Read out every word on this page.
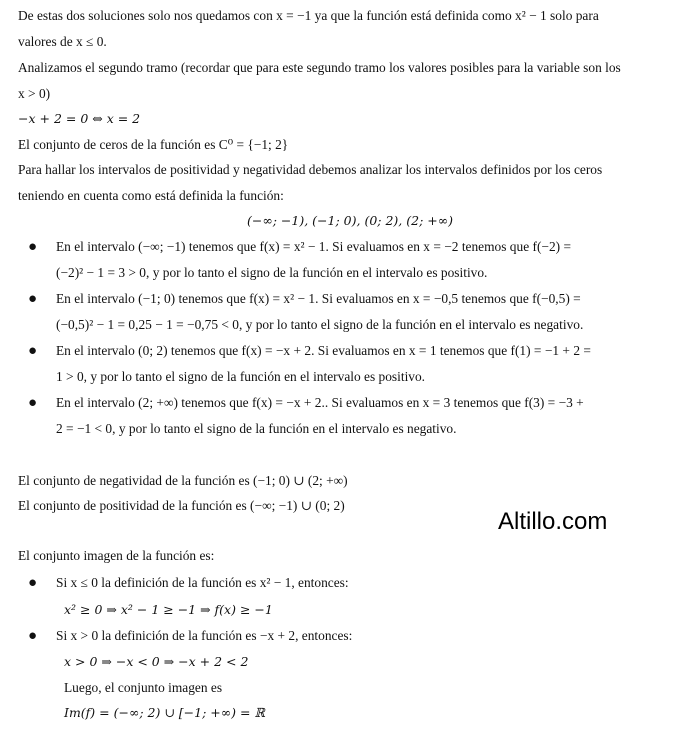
De estas dos soluciones solo nos quedamos con x = −1 ya que la función está definida como x² − 1 solo para
valores de x ≤ 0.
Analizamos el segundo tramo (recordar que para este segundo tramo los valores posibles para la variable son los
x > 0)
−x + 2 = 0 ⇔ x = 2
El conjunto de ceros de la función es C⁰ = {−1; 2}
Para hallar los intervalos de positividad y negatividad debemos analizar los intervalos definidos por los ceros
teniendo en cuenta como está definida la función:
(−∞; −1), (−1; 0), (0; 2), (2; +∞)
● En el intervalo (−∞; −1) tenemos que f(x) = x² − 1. Si evaluamos en x = −2 tenemos que f(−2) =
(−2)² − 1 = 3 > 0, y por lo tanto el signo de la función en el intervalo es positivo.
● En el intervalo (−1; 0) tenemos que f(x) = x² − 1. Si evaluamos en x = −0,5 tenemos que f(−0,5) =
(−0,5)² − 1 = 0,25 − 1 = −0,75 < 0, y por lo tanto el signo de la función en el intervalo es negativo.
● En el intervalo (0; 2) tenemos que f(x) = −x + 2. Si evaluamos en x = 1 tenemos que f(1) = −1 + 2 =
1 > 0, y por lo tanto el signo de la función en el intervalo es positivo.
● En el intervalo (2; +∞) tenemos que f(x) = −x + 2.. Si evaluamos en x = 3 tenemos que f(3) = −3 +
2 = −1 < 0, y por lo tanto el signo de la función en el intervalo es negativo.
El conjunto de negatividad de la función es (−1; 0) ∪ (2; +∞)
El conjunto de positividad de la función es (−∞; −1) ∪ (0; 2)
Altillo.com
El conjunto imagen de la función es:
● Si x ≤ 0 la definición de la función es x² − 1, entonces:
x² ≥ 0 ⇒ x² − 1 ≥ −1 ⇒ f(x) ≥ −1
● Si x > 0 la definición de la función es −x + 2, entonces:
x > 0 ⇒ −x < 0 ⇒ −x + 2 < 2
Luego, el conjunto imagen es
Im(f) = (−∞; 2) ∪ [−1; +∞) = ℝ
